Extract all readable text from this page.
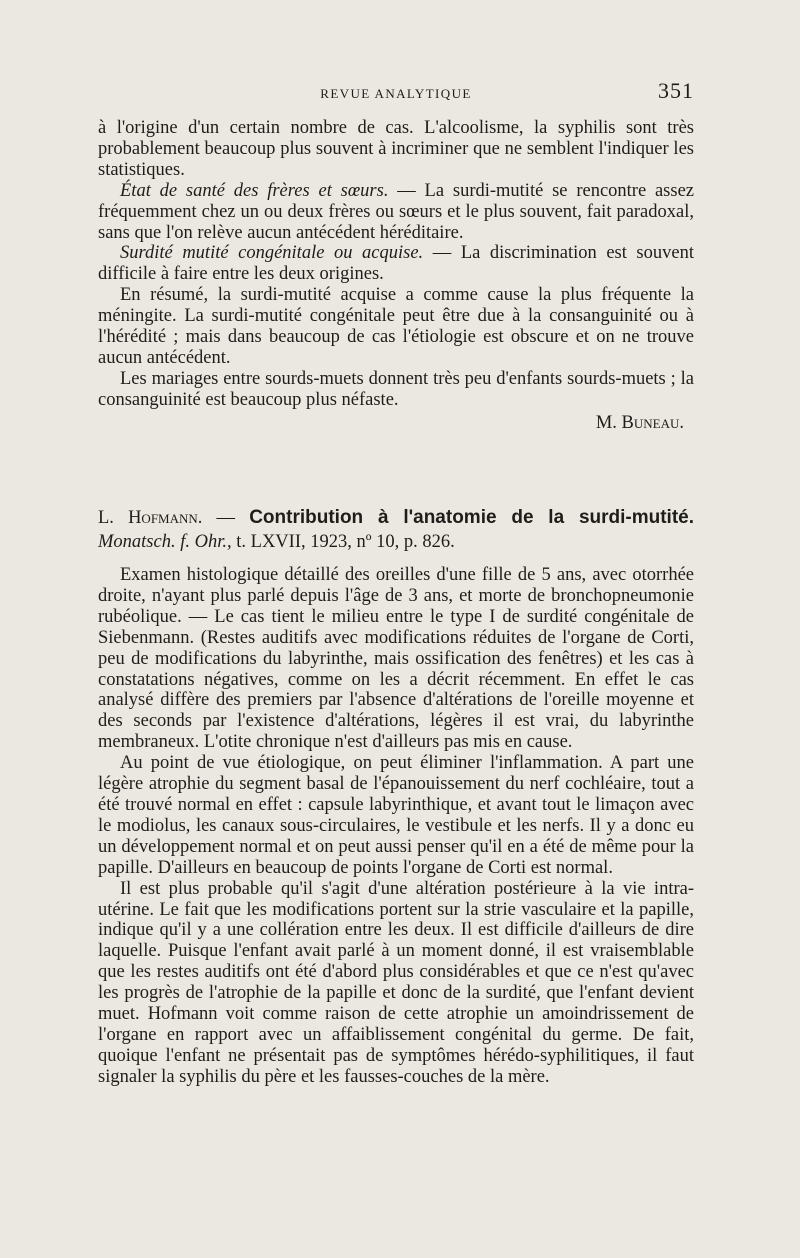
REVUE ANALYTIQUE	351

à l'origine d'un certain nombre de cas. L'alcoolisme, la syphilis sont très probablement beaucoup plus souvent à incriminer que ne semblent l'indiquer les statistiques.

État de santé des frères et sœurs. — La surdi-mutité se rencontre assez fréquemment chez un ou deux frères ou sœurs et le plus souvent, fait paradoxal, sans que l'on relève aucun antécédent héréditaire.

Surdité mutité congénitale ou acquise. — La discrimination est souvent difficile à faire entre les deux origines.

En résumé, la surdi-mutité acquise a comme cause la plus fréquente la méningite. La surdi-mutité congénitale peut être due à la consanguinité ou à l'hérédité ; mais dans beaucoup de cas l'étiologie est obscure et on ne trouve aucun antécédent.

Les mariages entre sourds-muets donnent très peu d'enfants sourds-muets ; la consanguinité est beaucoup plus néfaste.

M. Buneau.

L. Hofmann. — Contribution à l'anatomie de la surdi-mutité. Monatsch. f. Ohr., t. LXVII, 1923, nº 10, p. 826.

Examen histologique détaillé des oreilles d'une fille de 5 ans, avec otorrhée droite, n'ayant plus parlé depuis l'âge de 3 ans, et morte de bronchopneumonie rubéolique. — Le cas tient le milieu entre le type I de surdité congénitale de Siebenmann. (Restes auditifs avec modifications réduites de l'organe de Corti, peu de modifications du labyrinthe, mais ossification des fenêtres) et les cas à constatations négatives, comme on les a décrit récemment. En effet le cas analysé diffère des premiers par l'absence d'altérations de l'oreille moyenne et des seconds par l'existence d'altérations, légères il est vrai, du labyrinthe membraneux. L'otite chronique n'est d'ailleurs pas mis en cause.

Au point de vue étiologique, on peut éliminer l'inflammation. A part une légère atrophie du segment basal de l'épanouissement du nerf cochléaire, tout a été trouvé normal en effet : capsule labyrinthique, et avant tout le limaçon avec le modiolus, les canaux sous-circulaires, le vestibule et les nerfs. Il y a donc eu un développement normal et on peut aussi penser qu'il en a été de même pour la papille. D'ailleurs en beaucoup de points l'organe de Corti est normal.

Il est plus probable qu'il s'agit d'une altération postérieure à la vie intra-utérine. Le fait que les modifications portent sur la strie vasculaire et la papille, indique qu'il y a une collération entre les deux. Il est difficile d'ailleurs de dire laquelle. Puisque l'enfant avait parlé à un moment donné, il est vraisemblable que les restes auditifs ont été d'abord plus considérables et que ce n'est qu'avec les progrès de l'atrophie de la papille et donc de la surdité, que l'enfant devient muet. Hofmann voit comme raison de cette atrophie un amoindrissement de l'organe en rapport avec un affaiblissement congénital du germe. De fait, quoique l'enfant ne présentait pas de symptômes hérédo-syphilitiques, il faut signaler la syphilis du père et les fausses-couches de la mère.
